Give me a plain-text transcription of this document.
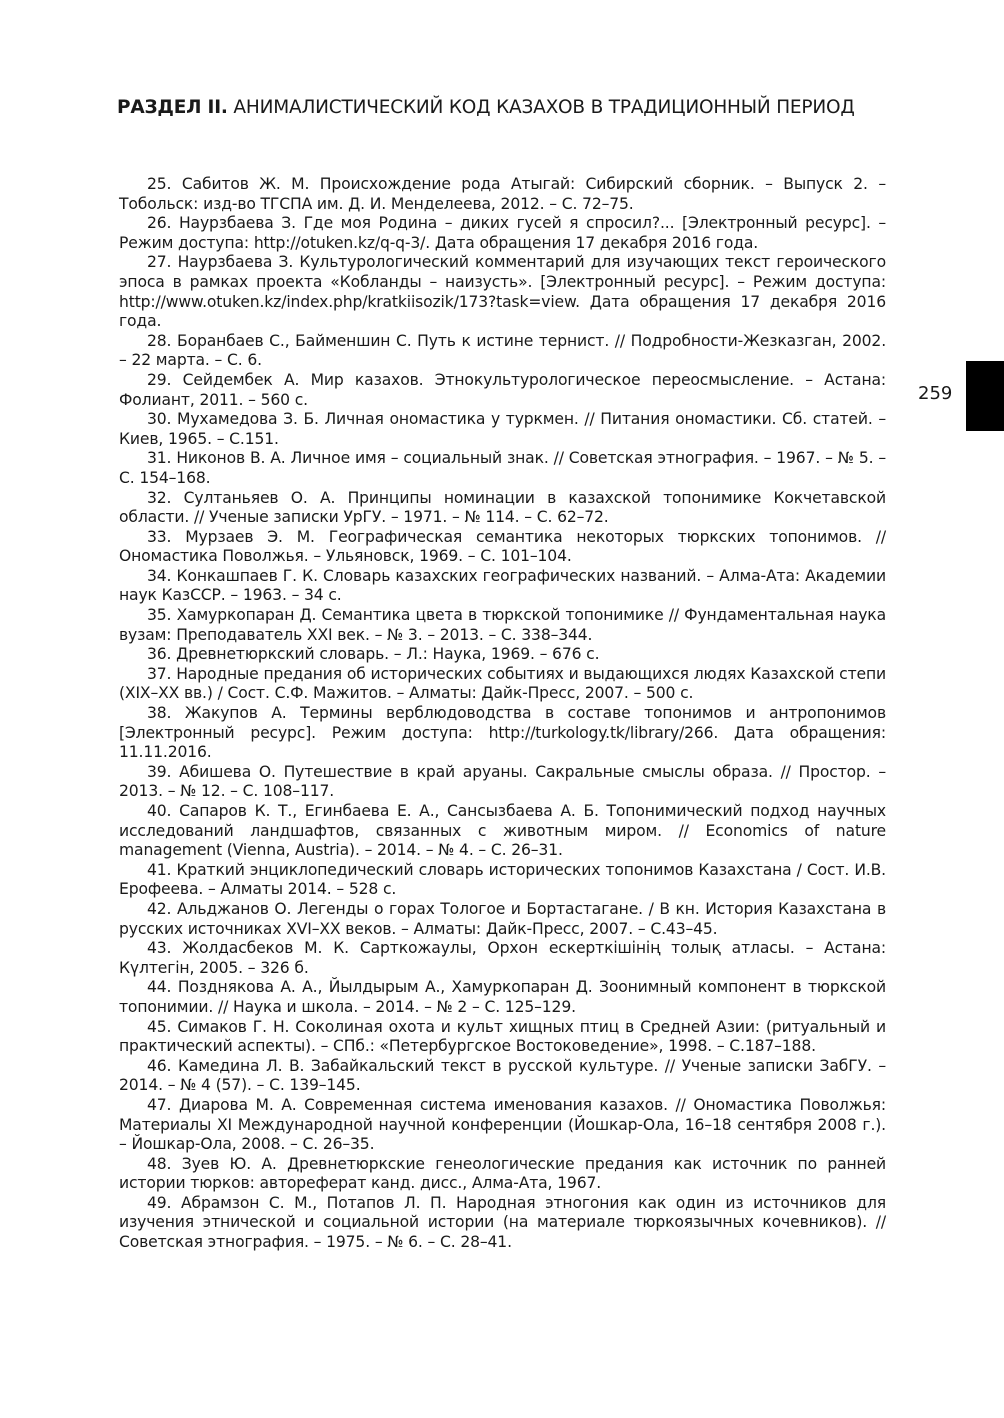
РАЗДЕЛ II. АНИМАЛИСТИЧЕСКИЙ КОД КАЗАХОВ В ТРАДИЦИОННЫЙ ПЕРИОД
259
25. Сабитов Ж. М. Происхождение рода Атыгай: Сибирский сборник. – Выпуск 2. – Тобольск: изд-во ТГСПА им. Д. И. Менделеева, 2012. – С. 72–75.
26. Наурзбаева З. Где моя Родина – диких гусей я спросил?... [Электронный ресурс]. – Режим доступа: http://otuken.kz/q-q-3/. Дата обращения 17 декабря 2016 года.
27. Наурзбаева З. Культурологический комментарий для изучающих текст героического эпоса в рамках проекта «Кобланды – наизусть». [Электронный ресурс]. – Режим доступа: http://www.otuken.kz/index.php/kratkiisozik/173?task=view. Дата обращения 17 декабря 2016 года.
28. Боранбаев С., Байменшин С. Путь к истине тернист. // Подробности-Жезказган, 2002. – 22 марта. – С. 6.
29. Сейдембек А. Мир казахов. Этнокультурологическое переосмысление. – Астана: Фолиант, 2011. – 560 с.
30. Мухамедова З. Б. Личная ономастика у туркмен. // Питания ономастики. Сб. статей. – Киев, 1965. – С.151.
31. Никонов В. А. Личное имя – социальный знак. // Советская этнография. – 1967. – № 5. – С. 154–168.
32. Султаньяев О. А. Принципы номинации в казахской топонимике Кокчетавской области. // Ученые записки УрГУ. – 1971. – № 114. – С. 62–72.
33. Мурзаев Э. М. Географическая семантика некоторых тюркских топонимов. // Ономастика Поволжья. – Ульяновск, 1969. – С. 101–104.
34. Конкашпаев Г. К. Словарь казахских географических названий. – Алма-Ата: Академии наук КазССР. – 1963. – 34 с.
35. Хамуркопаран Д. Семантика цвета в тюркской топонимике // Фундаментальная наука вузам: Преподаватель XXI век. – № 3. – 2013. – С. 338–344.
36. Древнетюркский словарь. – Л.: Наука, 1969. – 676 с.
37. Народные предания об исторических событиях и выдающихся людях Казахской степи (XIX–XX вв.) / Сост. С.Ф. Мажитов. – Алматы: Дайк-Пресс, 2007. – 500 с.
38. Жакупов А. Термины верблюдоводства в составе топонимов и антропонимов [Электронный ресурс]. Режим доступа: http://turkology.tk/library/266. Дата обращения: 11.11.2016.
39. Абишева О. Путешествие в край аруаны. Сакральные смыслы образа. // Простор. – 2013. – № 12. – С. 108–117.
40. Сапаров К. Т., Егинбаева Е. А., Сансызбаева А. Б. Топонимический подход научных исследований ландшафтов, связанных с животным миром. // Economics of nature management (Vienna, Austria). – 2014. – № 4. – С. 26–31.
41. Краткий энциклопедический словарь исторических топонимов Казахстана / Сост. И.В. Ерофеева. – Алматы 2014. – 528 с.
42. Альджанов О. Легенды о горах Тологое и Бортастагане. / В кн. История Казахстана в русских источниках XVI–XX веков. – Алматы: Дайк-Пресс, 2007. – С.43–45.
43. Жолдасбеков М. К. Сарткожаулы, Орхон ескерткішінің толық атласы. – Астана: Күлтегін, 2005. – 326 б.
44. Позднякова А. А., Йылдырым А., Хамуркопаран Д. Зоонимный компонент в тюркской топонимии. // Наука и школа. – 2014. – № 2 – С. 125–129.
45. Симаков Г. Н. Соколиная охота и культ хищных птиц в Средней Азии: (ритуальный и практический аспекты). – СПб.: «Петербургское Востоковедение», 1998. – С.187–188.
46. Камедина Л. В. Забайкальский текст в русской культуре. // Ученые записки ЗабГУ. – 2014. – № 4 (57). – С. 139–145.
47. Диарова М. А. Современная система именования казахов. // Ономастика Поволжья: Материалы XI Международной научной конференции (Йошкар-Ола, 16–18 сентября 2008 г.). – Йошкар-Ола, 2008. – С. 26–35.
48. Зуев Ю. А. Древнетюркские генеологические предания как источник по ранней истории тюрков: автореферат канд. дисс., Алма-Ата, 1967.
49. Абрамзон С. М., Потапов Л. П. Народная этногония как один из источников для изучения этнической и социальной истории (на материале тюркоязычных кочевников). // Советская этнография. – 1975. – № 6. – С. 28–41.
